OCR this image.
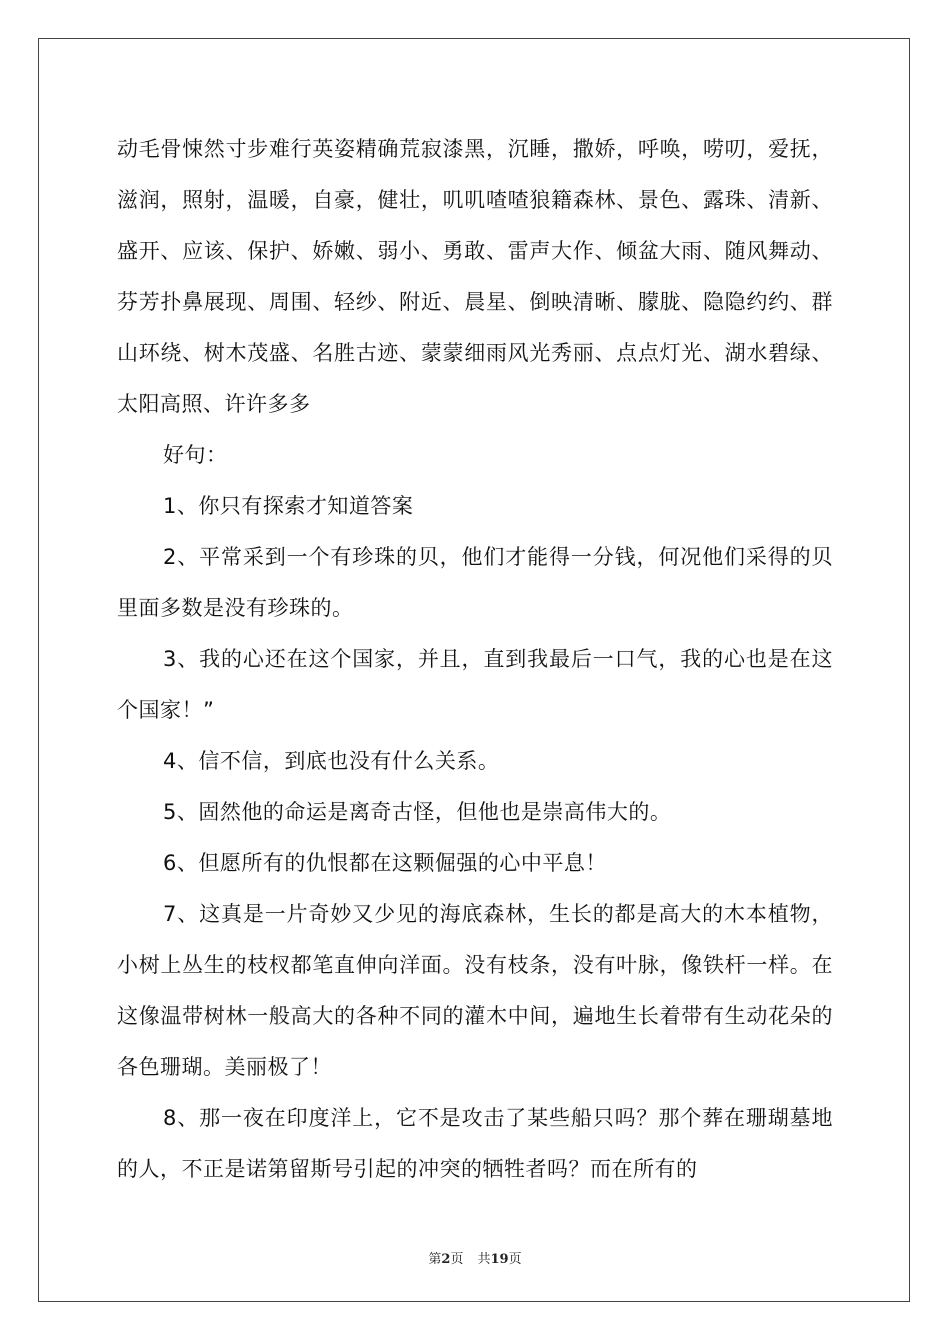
动毛骨悚然寸步难行英姿精确荒寂漆黑，沉睡，撒娇，呼唤，唠叨，爱抚，滋润，照射，温暖，自豪，健壮，叽叽喳喳狼籍森林、景色、露珠、清新、盛开、应该、保护、娇嫩、弱小、勇敢、雷声大作、倾盆大雨、随风舞动、芬芳扑鼻展现、周围、轻纱、附近、晨星、倒映清晰、朦胧、隐隐约约、群山环绕、树木茂盛、名胜古迹、蒙蒙细雨风光秀丽、点点灯光、湖水碧绿、太阳高照、许许多多

好句：

1、你只有探索才知道答案

2、平常采到一个有珍珠的贝，他们才能得一分钱，何况他们采得的贝里面多数是没有珍珠的。

3、我的心还在这个国家，并且，直到我最后一口气，我的心也是在这个国家！”

4、信不信，到底也没有什么关系。

5、固然他的命运是离奇古怪，但他也是崇高伟大的。

6、但愿所有的仇恨都在这颗倔强的心中平息！

7、这真是一片奇妙又少见的海底森林，生长的都是高大的木本植物，小树上丛生的枝杈都笔直伸向洋面。没有枝条，没有叶脉，像铁杆一样。在这像温带树林一般高大的各种不同的灌木中间，遍地生长着带有生动花朵的各色珊瑚。美丽极了！

8、那一夜在印度洋上，它不是攻击了某些船只吗？那个葬在珊瑚墓地的人，不正是诺第留斯号引起的冲突的牺牲者吗？而在所有的

第2页 共19页
